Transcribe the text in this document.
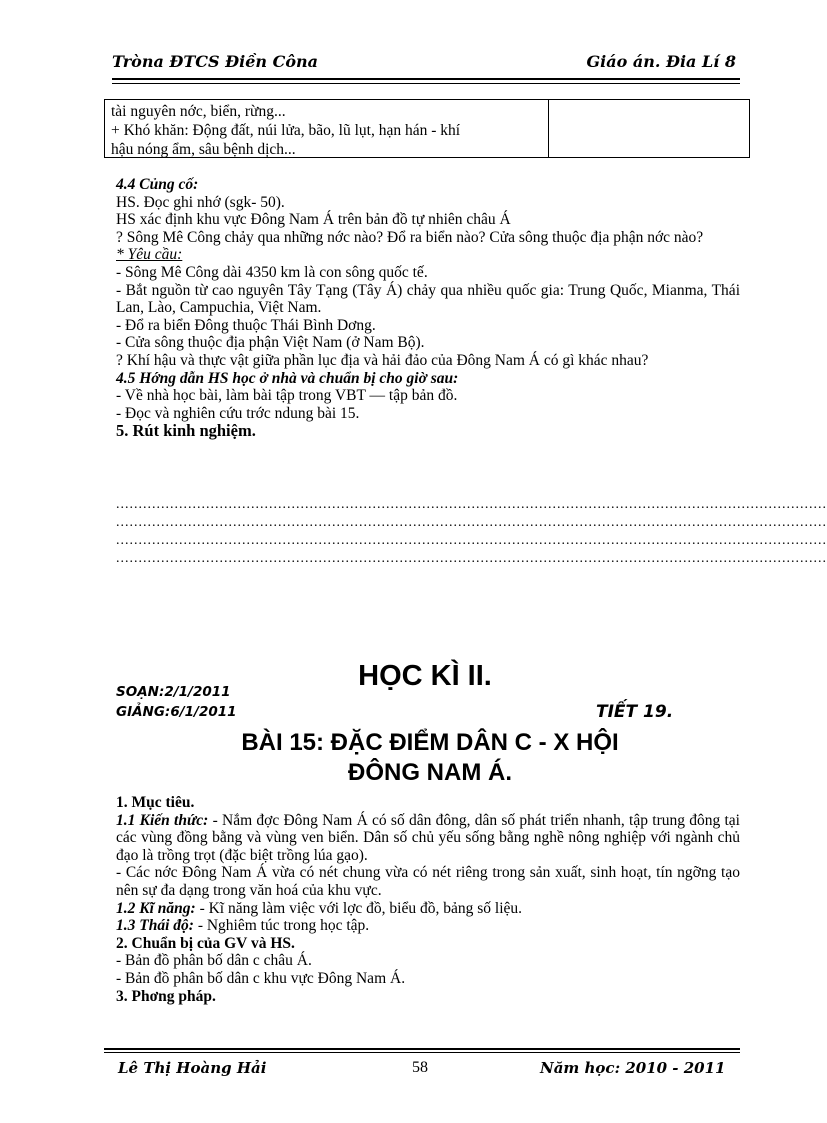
Tròna ĐTCS Điền Côna	Giáo án. Đia Lí 8
tài nguyên nớc, biển, rừng...
+ Khó khăn: Động đất, núi lửa, bão, lũ lụt, hạn hán - khí
hậu nóng ẩm, sâu bệnh dịch...

4.4 Củng cố:

HS. Đọc ghi nhớ (sgk- 50).

HS xác định khu vực Đông Nam Á trên bản đồ tự nhiên châu Á

? Sông Mê Công chảy qua những nớc nào? Đổ ra biển nào? Cửa sông thuộc địa phận nớc nào?

* Yêu cầu:

- Sông Mê Công dài 4350 km là con sông quốc tế.

- Bắt nguồn từ cao nguyên Tây Tạng (Tây Á) chảy qua nhiều quốc gia: Trung Quốc, Mianma, Thái Lan, Lào, Campuchia, Việt Nam.

- Đổ ra biển Đông thuộc Thái Bình Dơng.

- Cửa sông thuộc địa phận Việt Nam (ở Nam Bộ).

? Khí hậu và thực vật giữa phần lục địa và hải đảo của Đông Nam Á có gì khác nhau?

4.5 Hớng dẫn HS học ở nhà và chuẩn bị cho giờ sau:

- Về nhà học bài, làm bài tập trong VBT — tập bản đồ.

- Đọc và nghiên cứu trớc ndung bài 15.

5. Rút kinh nghiệm.

..............................................................................................................................................................
..............................................................................................................................................................
..............................................................................................................................................................
..............................................................................................................................................................
HỌC KÌ II.
SOẠN:2/1/2011
GIẢNG:6/1/2011	TIẾT 19.
BÀI 15: ĐẶC ĐIỂM DÂN C - X HỘI
ĐÔNG NAM Á.

1. Mục tiêu.

1.1 Kiến thức: - Nắm đợc Đông Nam Á có số dân đông, dân số phát triển nhanh, tập trung đông tại các vùng đồng bằng và vùng ven biển. Dân số chủ yếu sống bằng nghề nông nghiệp với ngành chủ đạo là trồng trọt (đặc biệt trồng lúa gạo).

- Các nớc Đông Nam Á vừa có nét chung vừa có nét riêng trong sản xuất, sinh hoạt, tín ngỡng tạo nên sự đa dạng trong văn hoá của khu vực.

1.2 Kĩ năng: - Kĩ năng làm việc với lợc đồ, biểu đồ, bảng số liệu.

1.3 Thái độ: - Nghiêm túc trong học tập.

2. Chuẩn bị của GV và HS.

- Bản đồ phân bố dân c châu Á.

- Bản đồ phân bố dân c khu vực Đông Nam Á.

3. Phơng pháp.

Lê Thị Hoàng Hải	58	Năm học: 2010 - 2011
